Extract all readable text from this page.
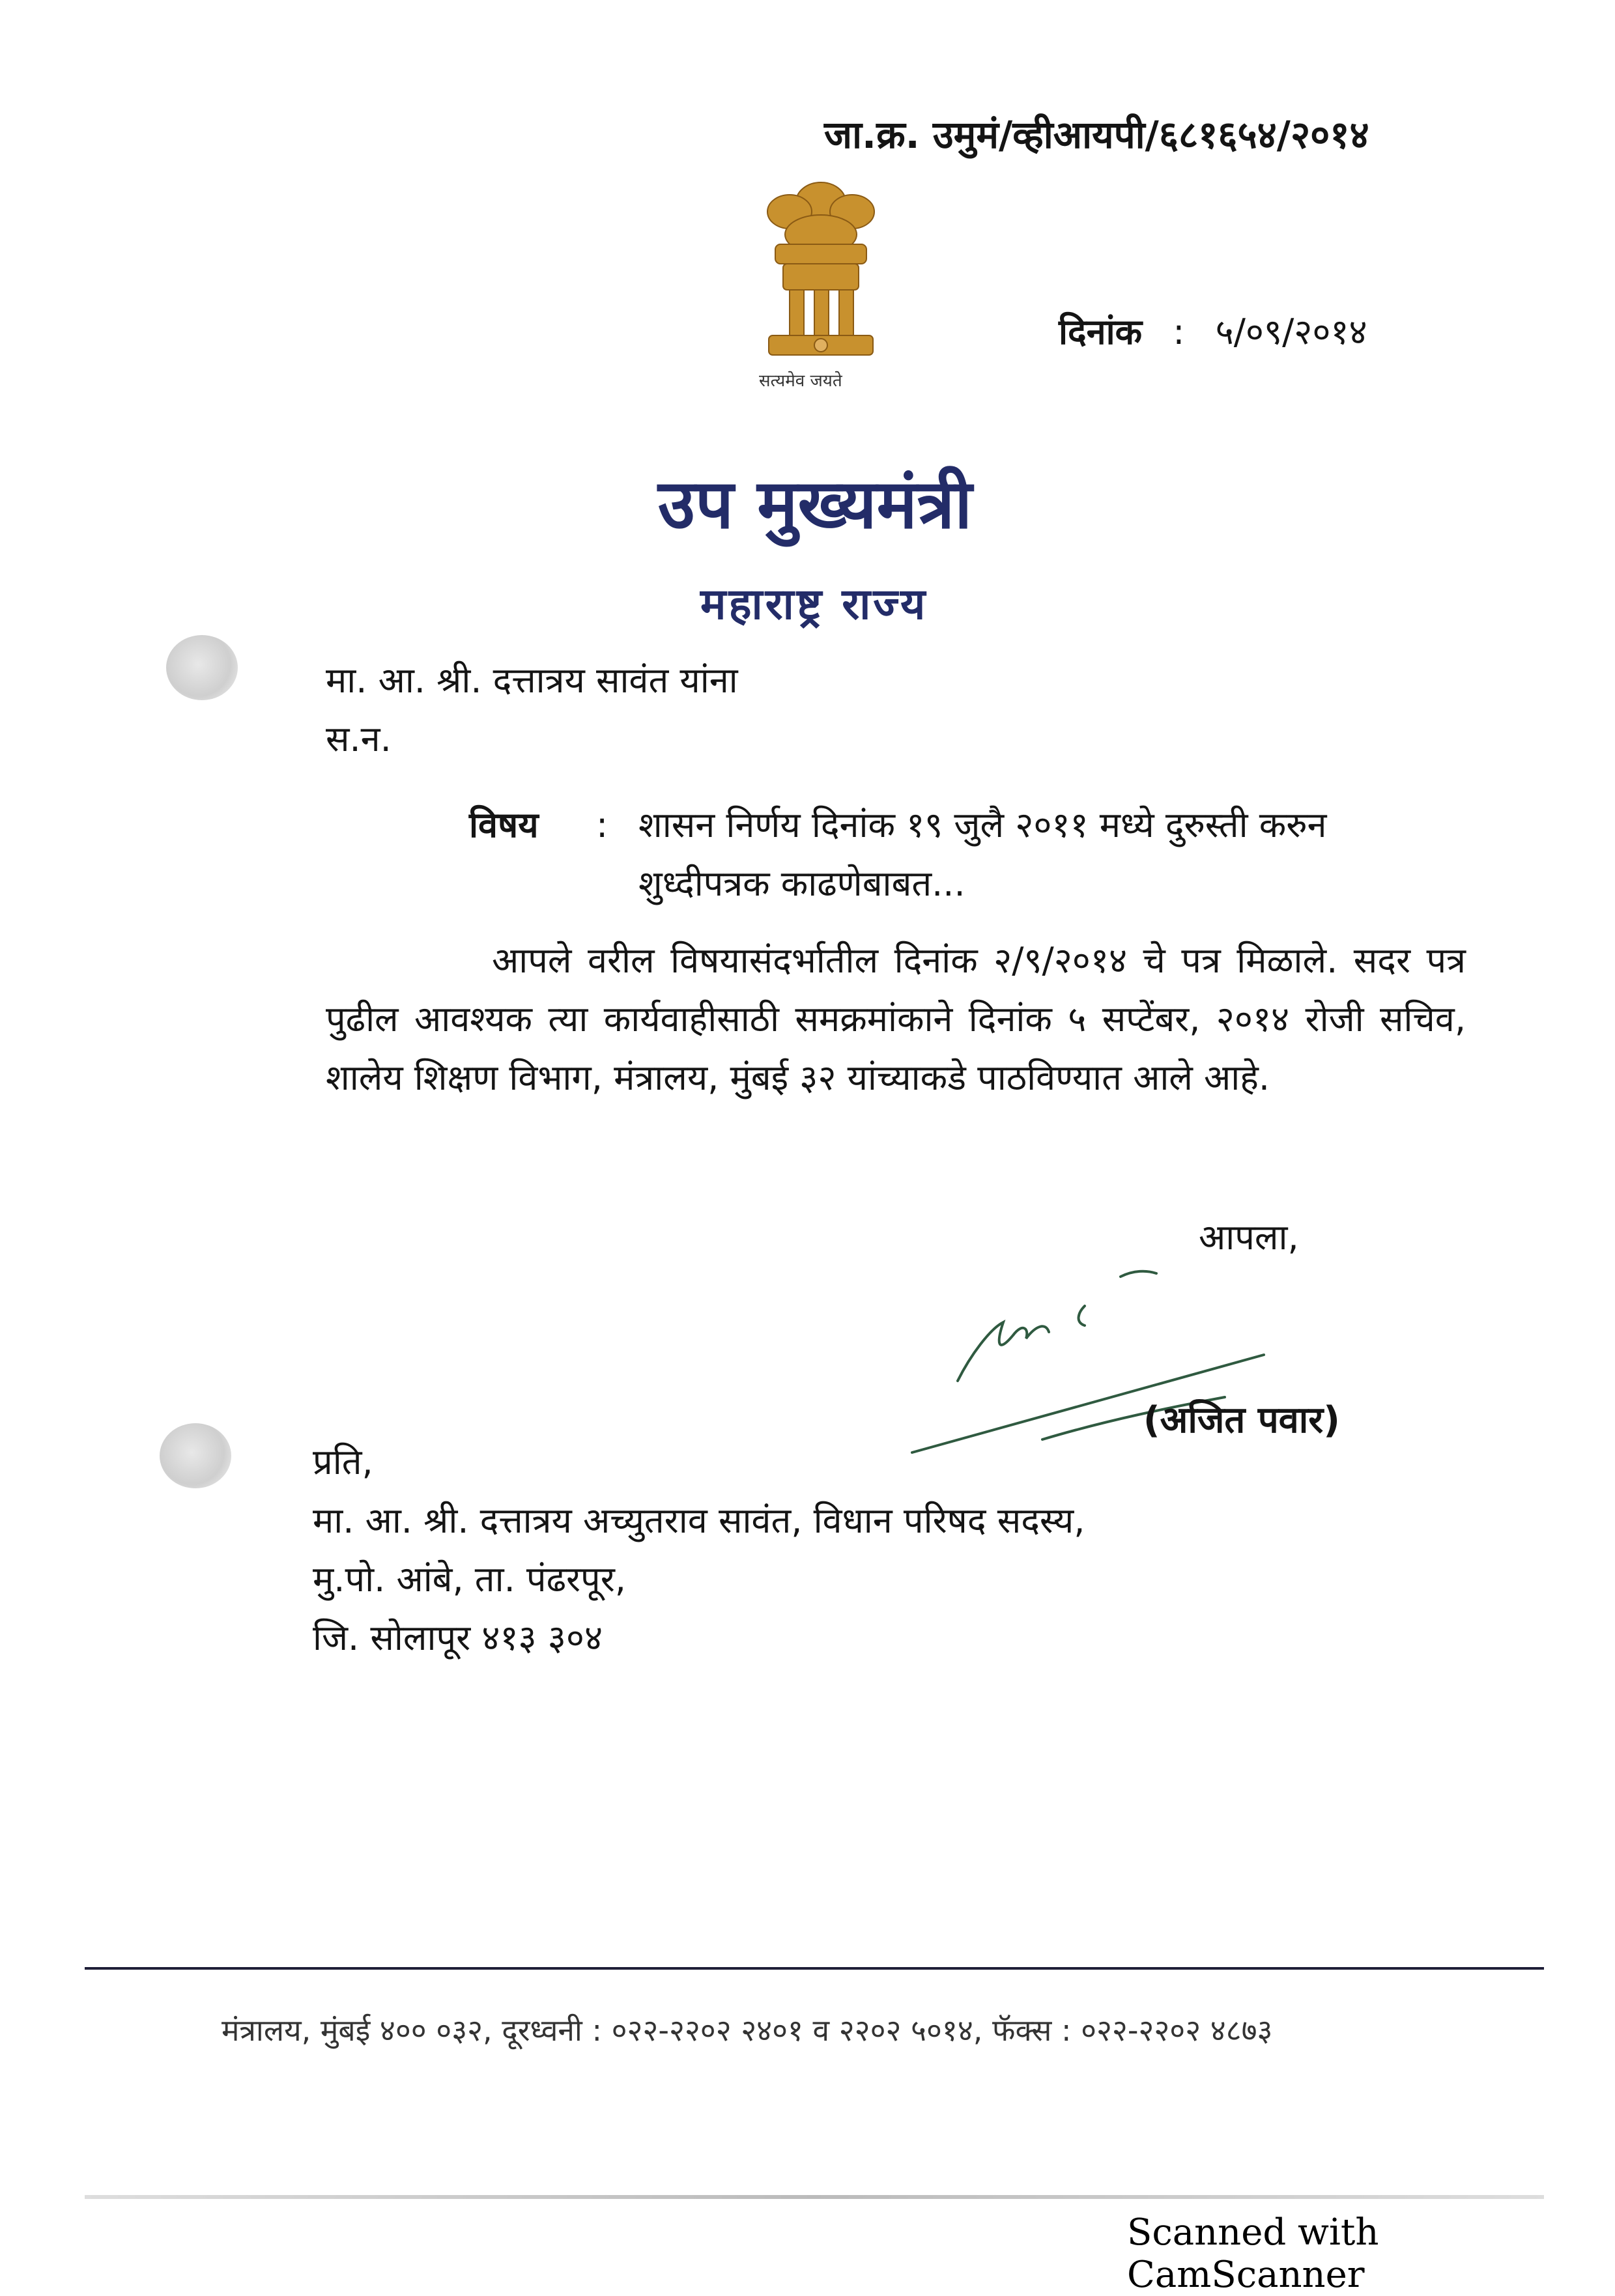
जा.क्र. उमुमं/व्हीआयपी/६८१६५४/२०१४
सत्यमेव जयते
दिनांक : ५/०९/२०१४
उप मुख्यमंत्री
महाराष्ट्र राज्य
मा. आ. श्री. दत्तात्रय सावंत यांना
स.न.
विषय : शासन निर्णय दिनांक १९ जुलै २०११ मध्ये दुरुस्ती करुन शुध्दीपत्रक काढणेबाबत...
आपले वरील विषयासंदर्भातील दिनांक २/९/२०१४ चे पत्र मिळाले. सदर पत्र पुढील आवश्यक त्या कार्यवाहीसाठी समक्रमांकाने दिनांक ५ सप्टेंबर, २०१४ रोजी सचिव, शालेय शिक्षण विभाग, मंत्रालय, मुंबई ३२ यांच्याकडे पाठविण्यात आले आहे.
आपला,
(अजित पवार)
प्रति,
मा. आ. श्री. दत्तात्रय अच्युतराव सावंत, विधान परिषद सदस्य,
मु.पो. आंबे, ता. पंढरपूर,
जि. सोलापूर ४१३ ३०४
मंत्रालय, मुंबई ४०० ०३२, दूरध्वनी : ०२२-२२०२ २४०१ व २२०२ ५०१४, फॅक्स : ०२२-२२०२ ४८७३
Scanned with CamScanner
